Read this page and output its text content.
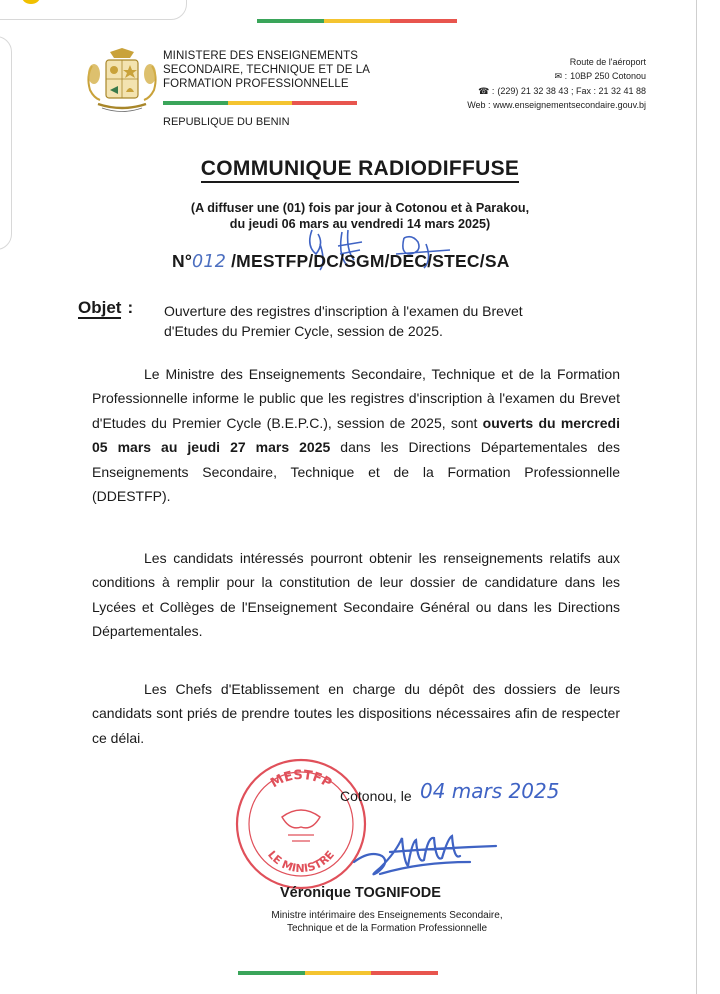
MINISTERE DES ENSEIGNEMENTS
SECONDAIRE, TECHNIQUE ET DE LA
FORMATION PROFESSIONNELLE
REPUBLIQUE DU BENIN
Route de l'aéroport
✉ : 10BP 250 Cotonou
☎ : (229) 21 32 38 43 ; Fax : 21 32 41 88
Web : www.enseignementsecondaire.gouv.bj
COMMUNIQUE RADIODIFFUSE
(A diffuser une (01) fois par jour à Cotonou et à Parakou,
du jeudi 06 mars au vendredi 14 mars 2025)
N°012 /MESTFP/DC/SGM/DEC/STEC/SA
Objet : Ouverture des registres d'inscription à l'examen du Brevet
d'Etudes du Premier Cycle, session de 2025.
Le Ministre des Enseignements Secondaire, Technique et de la Formation Professionnelle informe le public que les registres d'inscription à l'examen du Brevet d'Etudes du Premier Cycle (B.E.P.C.), session de 2025, sont ouverts du mercredi 05 mars au jeudi 27 mars 2025 dans les Directions Départementales des Enseignements Secondaire, Technique et de la Formation Professionnelle (DDESTFP).
Les candidats intéressés pourront obtenir les renseignements relatifs aux conditions à remplir pour la constitution de leur dossier de candidature dans les Lycées et Collèges de l'Enseignement Secondaire Général ou dans les Directions Départementales.
Les Chefs d'Etablissement en charge du dépôt des dossiers de leurs candidats sont priés de prendre toutes les dispositions nécessaires afin de respecter ce délai.
MESTFP
LE MINISTRE
Cotonou, le 04 mars 2025
Véronique TOGNIFODE
Ministre intérimaire des Enseignements Secondaire,
Technique et de la Formation Professionnelle
